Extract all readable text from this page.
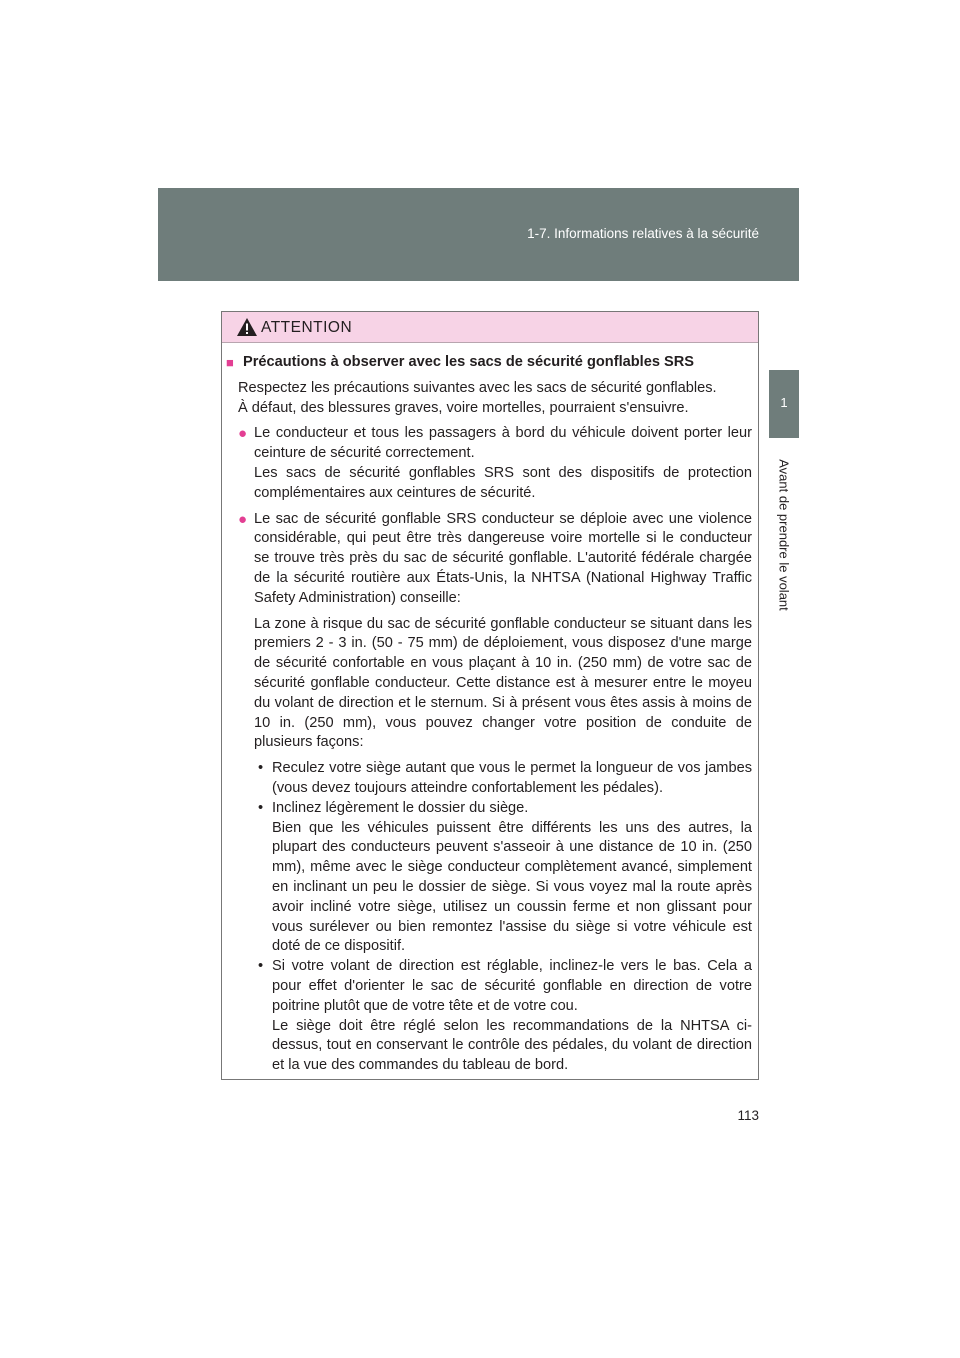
1-7. Informations relatives à la sécurité
1
Avant de prendre le volant
ATTENTION
■ Précautions à observer avec les sacs de sécurité gonflables SRS
Respectez les précautions suivantes avec les sacs de sécurité gonflables.
À défaut, des blessures graves, voire mortelles, pourraient s'ensuivre.
● Le conducteur et tous les passagers à bord du véhicule doivent porter leur ceinture de sécurité correctement.
Les sacs de sécurité gonflables SRS sont des dispositifs de protection complémentaires aux ceintures de sécurité.
● Le sac de sécurité gonflable SRS conducteur se déploie avec une violence considérable, qui peut être très dangereuse voire mortelle si le conducteur se trouve très près du sac de sécurité gonflable. L'autorité fédérale chargée de la sécurité routière aux États-Unis, la NHTSA (National Highway Traffic Safety Administration) conseille:
La zone à risque du sac de sécurité gonflable conducteur se situant dans les premiers 2 - 3 in. (50 - 75 mm) de déploiement, vous disposez d'une marge de sécurité confortable en vous plaçant à 10 in. (250 mm) de votre sac de sécurité gonflable conducteur. Cette distance est à mesurer entre le moyeu du volant de direction et le sternum. Si à présent vous êtes assis à moins de 10 in. (250 mm), vous pouvez changer votre position de conduite de plusieurs façons:
• Reculez votre siège autant que vous le permet la longueur de vos jambes (vous devez toujours atteindre confortablement les pédales).
• Inclinez légèrement le dossier du siège.
Bien que les véhicules puissent être différents les uns des autres, la plupart des conducteurs peuvent s'asseoir à une distance de 10 in. (250 mm), même avec le siège conducteur complètement avancé, simplement en inclinant un peu le dossier de siège. Si vous voyez mal la route après avoir incliné votre siège, utilisez un coussin ferme et non glissant pour vous surélever ou bien remontez l'assise du siège si votre véhicule est doté de ce dispositif.
• Si votre volant de direction est réglable, inclinez-le vers le bas. Cela a pour effet d'orienter le sac de sécurité gonflable en direction de votre poitrine plutôt que de votre tête et de votre cou.
Le siège doit être réglé selon les recommandations de la NHTSA ci-dessus, tout en conservant le contrôle des pédales, du volant de direction et la vue des commandes du tableau de bord.
113
